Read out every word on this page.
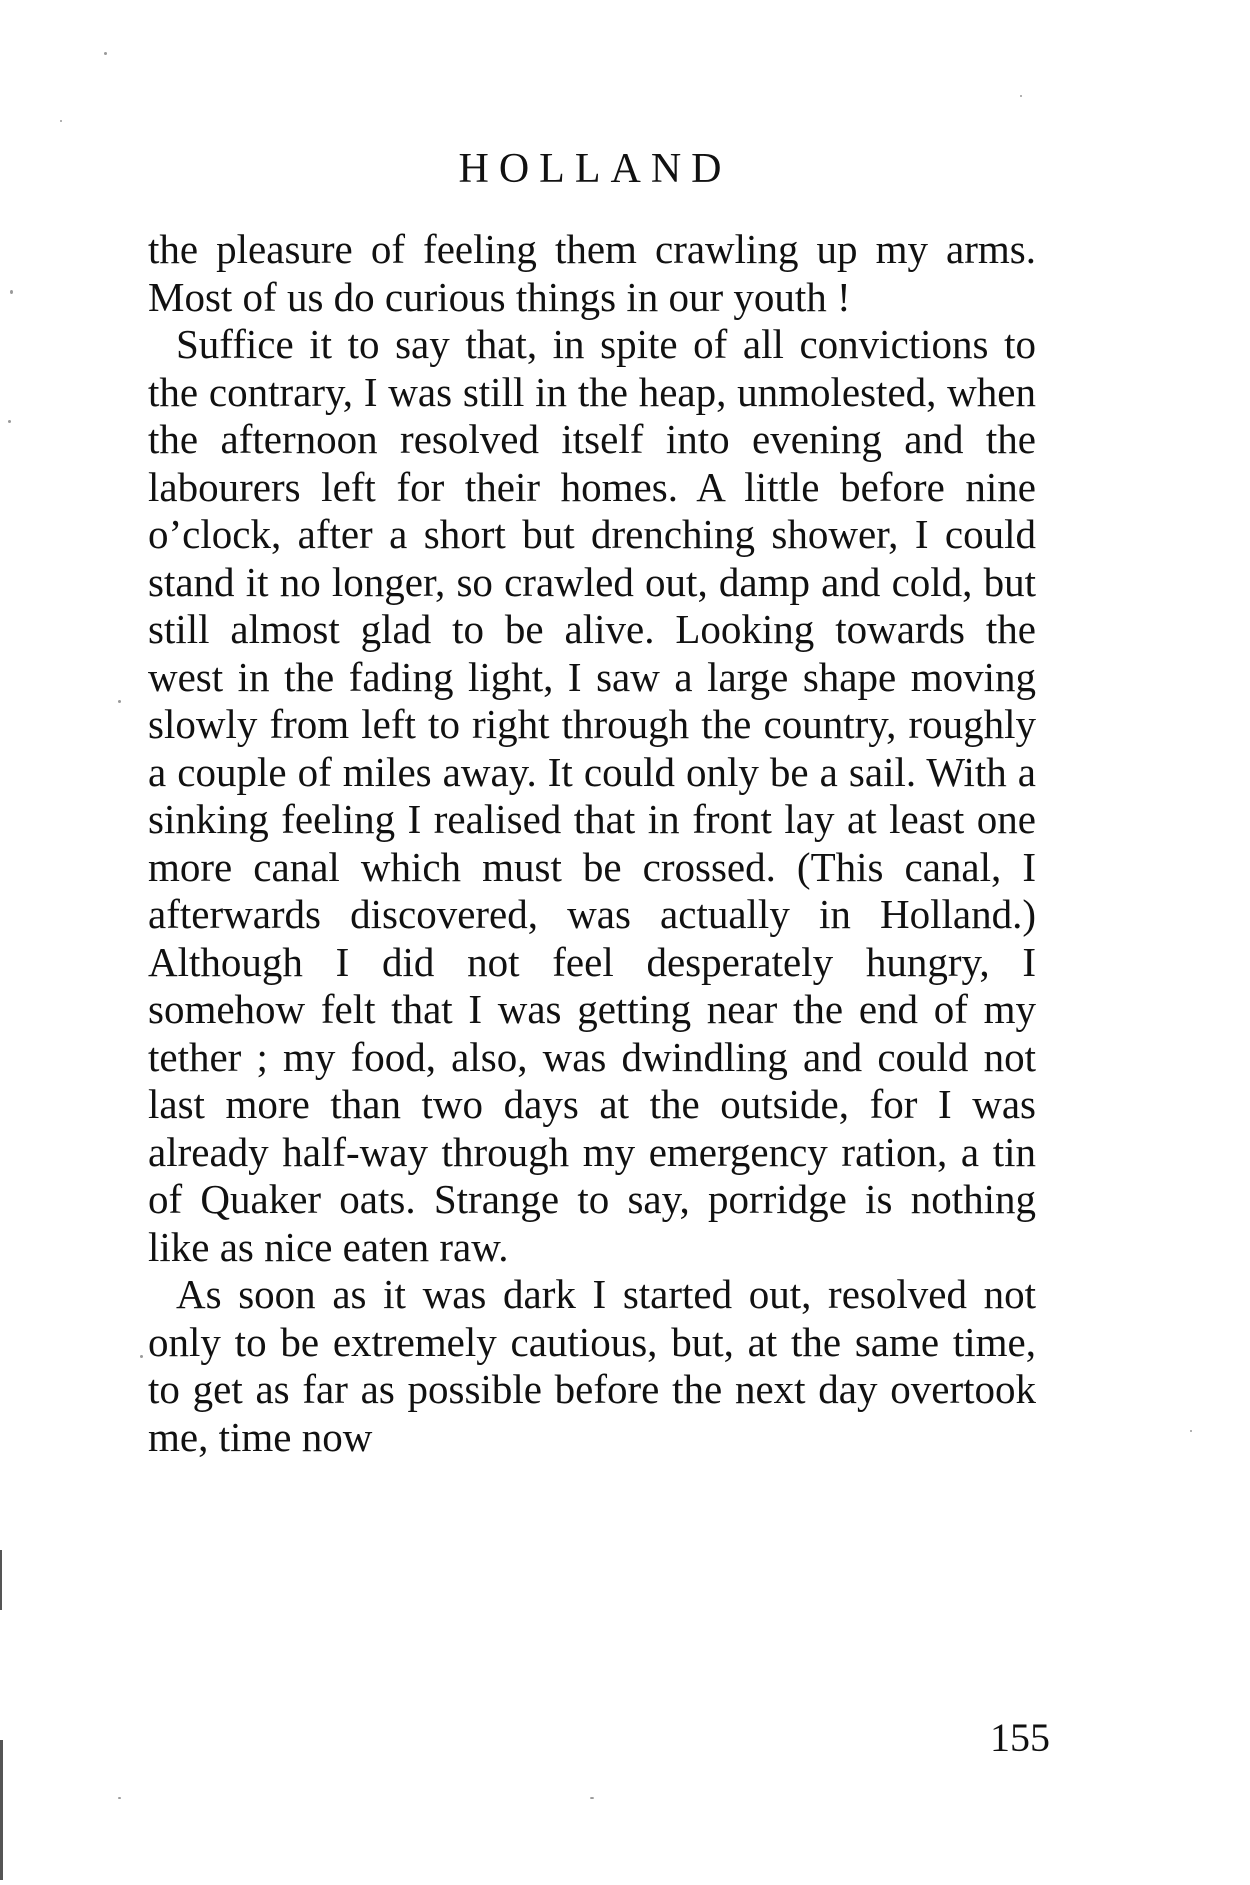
HOLLAND

the pleasure of feeling them crawling up my arms. Most of us do curious things in our youth !

Suffice it to say that, in spite of all convictions to the contrary, I was still in the heap, unmolested, when the afternoon resolved itself into evening and the labourers left for their homes. A little before nine o’clock, after a short but drenching shower, I could stand it no longer, so crawled out, damp and cold, but still almost glad to be alive. Looking towards the west in the fading light, I saw a large shape moving slowly from left to right through the country, roughly a couple of miles away. It could only be a sail. With a sinking feeling I realised that in front lay at least one more canal which must be crossed. (This canal, I afterwards discovered, was actually in Holland.) Although I did not feel desperately hungry, I somehow felt that I was getting near the end of my tether ; my food, also, was dwindling and could not last more than two days at the outside, for I was already half-way through my emergency ration, a tin of Quaker oats. Strange to say, porridge is nothing like as nice eaten raw.

As soon as it was dark I started out, resolved not only to be extremely cautious, but, at the same time, to get as far as possible before the next day overtook me, time now

155
